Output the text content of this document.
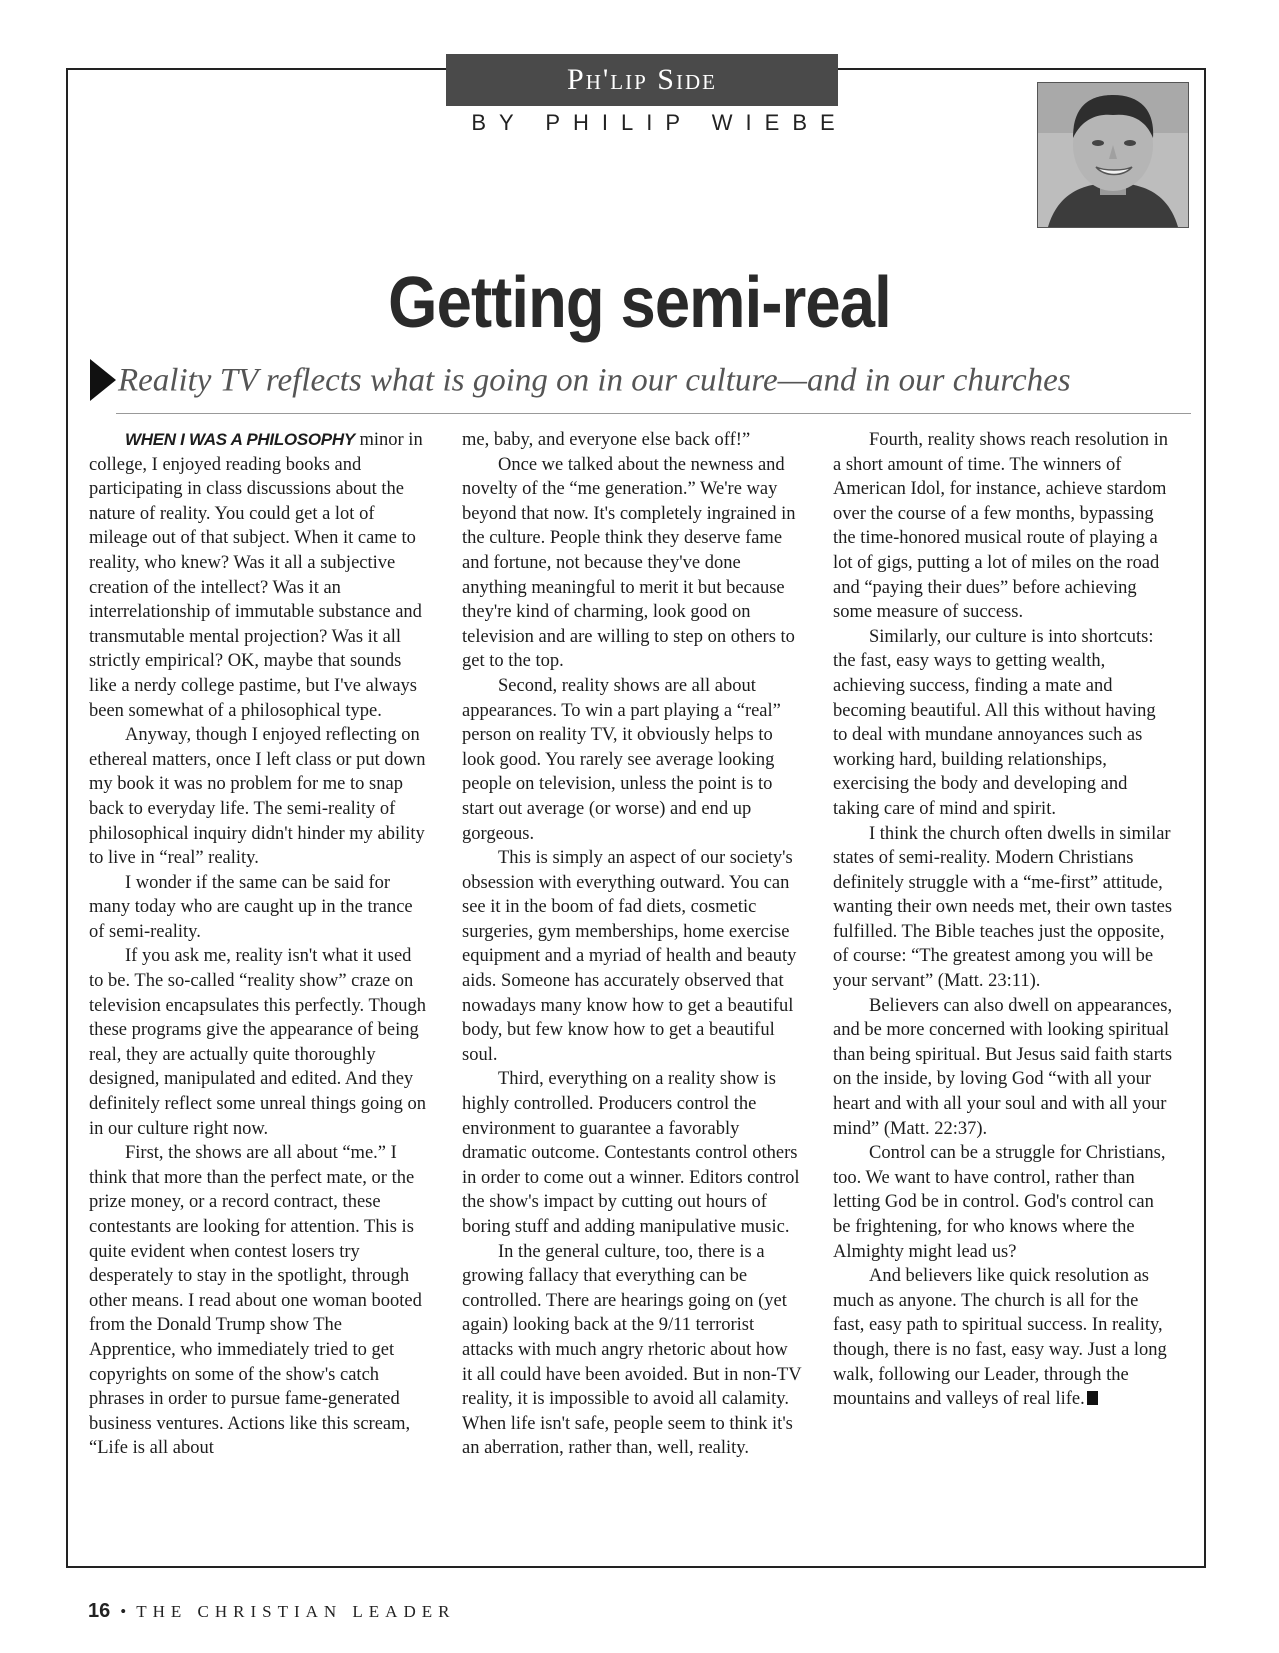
Ph'lip Side
BY PHILIP WIEBE
Getting semi-real
Reality TV reflects what is going on in our culture—and in our churches

WHEN I WAS A PHILOSOPHY minor in college, I enjoyed reading books and participating in class discussions about the nature of reality. You could get a lot of mileage out of that subject. When it came to reality, who knew? Was it all a subjective creation of the intellect? Was it an interrelationship of immutable substance and transmutable mental projection? Was it all strictly empirical? OK, maybe that sounds like a nerdy college pastime, but I've always been somewhat of a philosophical type.

Anyway, though I enjoyed reflecting on ethereal matters, once I left class or put down my book it was no problem for me to snap back to everyday life. The semi-reality of philosophical inquiry didn't hinder my ability to live in “real” reality.

I wonder if the same can be said for many today who are caught up in the trance of semi-reality.

If you ask me, reality isn't what it used to be. The so-called “reality show” craze on television encapsulates this perfectly. Though these programs give the appearance of being real, they are actually quite thoroughly designed, manipulated and edited. And they definitely reflect some unreal things going on in our culture right now.

First, the shows are all about “me.” I think that more than the perfect mate, or the prize money, or a record contract, these contestants are looking for attention. This is quite evident when contest losers try desperately to stay in the spotlight, through other means. I read about one woman booted from the Donald Trump show The Apprentice, who immediately tried to get copyrights on some of the show's catch phrases in order to pursue fame-generated business ventures. Actions like this scream, “Life is all about

me, baby, and everyone else back off!”

Once we talked about the newness and novelty of the “me generation.” We're way beyond that now. It's completely ingrained in the culture. People think they deserve fame and fortune, not because they've done anything meaningful to merit it but because they're kind of charming, look good on television and are willing to step on others to get to the top.

Second, reality shows are all about appearances. To win a part playing a “real” person on reality TV, it obviously helps to look good. You rarely see average looking people on television, unless the point is to start out average (or worse) and end up gorgeous.

This is simply an aspect of our society's obsession with everything outward. You can see it in the boom of fad diets, cosmetic surgeries, gym memberships, home exercise equipment and a myriad of health and beauty aids. Someone has accurately observed that nowadays many know how to get a beautiful body, but few know how to get a beautiful soul.

Third, everything on a reality show is highly controlled. Producers control the environment to guarantee a favorably dramatic outcome. Contestants control others in order to come out a winner. Editors control the show's impact by cutting out hours of boring stuff and adding manipulative music.

In the general culture, too, there is a growing fallacy that everything can be controlled. There are hearings going on (yet again) looking back at the 9/11 terrorist attacks with much angry rhetoric about how it all could have been avoided. But in non-TV reality, it is impossible to avoid all calamity. When life isn't safe, people seem to think it's an aberration, rather than, well, reality.

Fourth, reality shows reach resolution in a short amount of time. The winners of American Idol, for instance, achieve stardom over the course of a few months, bypassing the time-honored musical route of playing a lot of gigs, putting a lot of miles on the road and “paying their dues” before achieving some measure of success.

Similarly, our culture is into shortcuts: the fast, easy ways to getting wealth, achieving success, finding a mate and becoming beautiful. All this without having to deal with mundane annoyances such as working hard, building relationships, exercising the body and developing and taking care of mind and spirit.

I think the church often dwells in similar states of semi-reality. Modern Christians definitely struggle with a “me-first” attitude, wanting their own needs met, their own tastes fulfilled. The Bible teaches just the opposite, of course: “The greatest among you will be your servant” (Matt. 23:11).

Believers can also dwell on appearances, and be more concerned with looking spiritual than being spiritual. But Jesus said faith starts on the inside, by loving God “with all your heart and with all your soul and with all your mind” (Matt. 22:37).

Control can be a struggle for Christians, too. We want to have control, rather than letting God be in control. God's control can be frightening, for who knows where the Almighty might lead us?

And believers like quick resolution as much as anyone. The church is all for the fast, easy path to spiritual success. In reality, though, there is no fast, easy way. Just a long walk, following our Leader, through the mountains and valleys of real life.

16 • THE CHRISTIAN LEADER
